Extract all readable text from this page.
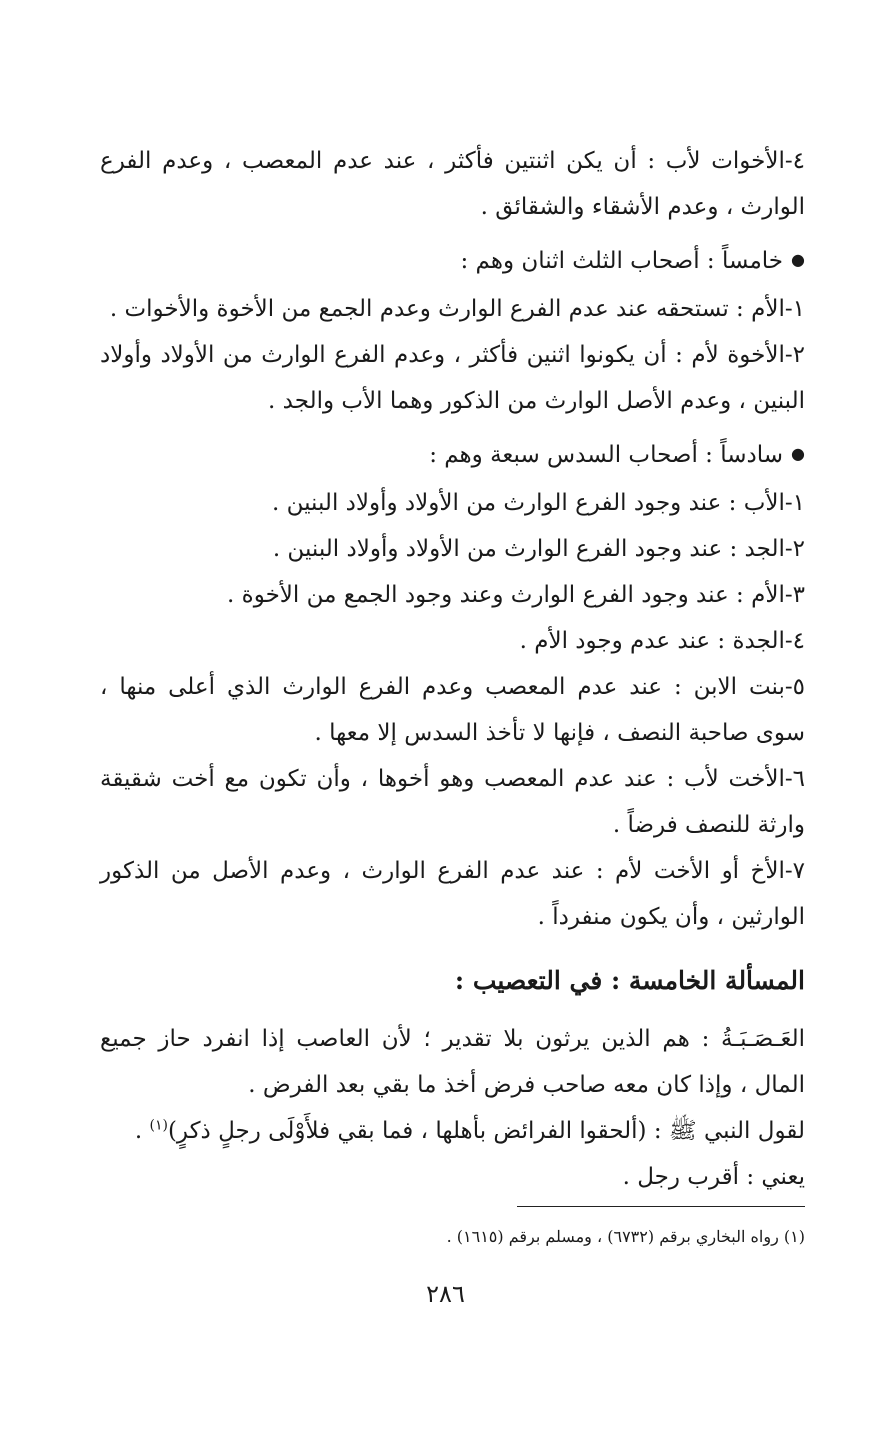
٤-الأخوات لأب : أن يكن اثنتين فأكثر ، عند عدم المعصب ، وعدم الفرع الوارث ، وعدم الأشقاء والشقائق .

● خامساً : أصحاب الثلث اثنان وهم :

١-الأم : تستحقه عند عدم الفرع الوارث وعدم الجمع من الأخوة والأخوات .

٢-الأخوة لأم : أن يكونوا اثنين فأكثر ، وعدم الفرع الوارث من الأولاد وأولاد البنين ، وعدم الأصل الوارث من الذكور وهما الأب والجد .

● سادساً : أصحاب السدس سبعة وهم :

١-الأب : عند وجود الفرع الوارث من الأولاد وأولاد البنين .

٢-الجد : عند وجود الفرع الوارث من الأولاد وأولاد البنين .

٣-الأم : عند وجود الفرع الوارث وعند وجود الجمع من الأخوة .

٤-الجدة : عند عدم وجود الأم .

٥-بنت الابن : عند عدم المعصب وعدم الفرع الوارث الذي أعلى منها ، سوى صاحبة النصف ، فإنها لا تأخذ السدس إلا معها .

٦-الأخت لأب : عند عدم المعصب وهو أخوها ، وأن تكون مع أخت شقيقة وارثة للنصف فرضاً .

٧-الأخ أو الأخت لأم : عند عدم الفرع الوارث ، وعدم الأصل من الذكور الوارثين ، وأن يكون منفرداً .

المسألة الخامسة : في التعصيب :

العَـصَـبَـةُ : هم الذين يرثون بلا تقدير ؛ لأن العاصب إذا انفرد حاز جميع المال ، وإذا كان معه صاحب فرض أخذ ما بقي بعد الفرض .

لقول النبي ﷺ : (ألحقوا الفرائض بأهلها ، فما بقي فلأَوْلَى رجلٍ ذكرٍ)$^{(١)}$ .

يعني : أقرب رجل .

(١) رواه البخاري برقم (٦٧٣٢) ، ومسلم برقم (١٦١٥) .

٢٨٦
